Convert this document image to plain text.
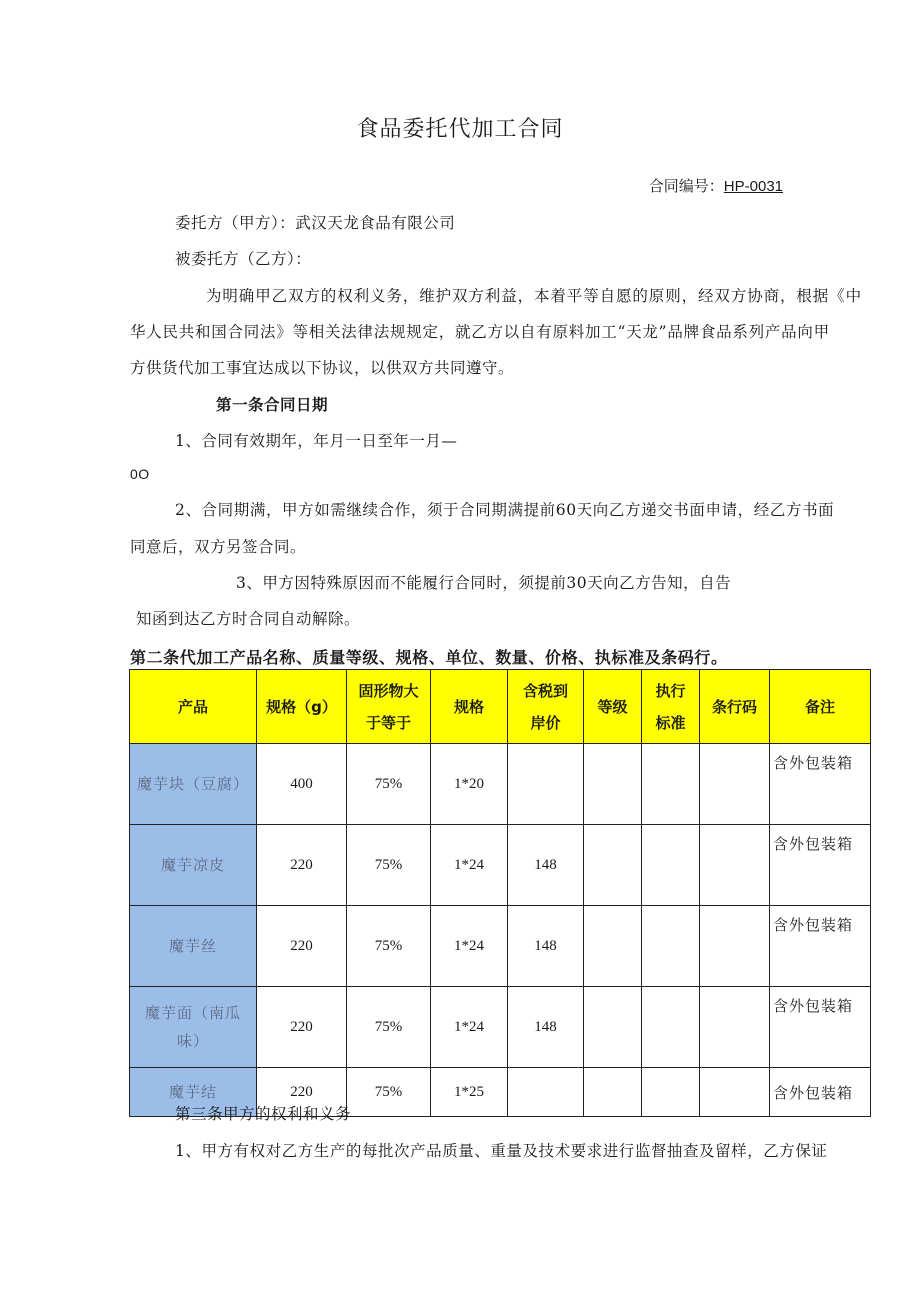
食品委托代加工合同
合同编号：HP-0031
委托方（甲方）：武汉天龙食品有限公司
被委托方（乙方）：
为明确甲乙双方的权利义务，维护双方利益，本着平等自愿的原则，经双方协商，根据《中
华人民共和国合同法》等相关法律法规规定，就乙方以自有原料加工“天龙”品牌食品系列产品向甲
方供货代加工事宜达成以下协议，以供双方共同遵守。
第一条合同日期
1、合同有效期年，年月一日至年一月—
0O
2、合同期满，甲方如需继续合作，须于合同期满提前60天向乙方递交书面申请，经乙方书面
同意后，双方另签合同。
3、甲方因特殊原因而不能履行合同时，须提前30天向乙方告知，自告
知函到达乙方时合同自动解除。
第二条代加工产品名称、质量等级、规格、单位、数量、价格、执标准及条码行。
产品	规格（g）	固形物大于等于	规格	含税到岸价	等级	执行标准	条行码	备注
魔芋块（豆腐）	400	75%	1*20					含外包装箱
魔芋凉皮	220	75%	1*24	148				含外包装箱
魔芋丝	220	75%	1*24	148				含外包装箱
魔芋面（南瓜味）	220	75%	1*24	148				含外包装箱
魔芋结	220	75%	1*25					含外包装箱
第三条甲方的权利和义务
1、甲方有权对乙方生产的每批次产品质量、重量及技术要求进行监督抽查及留样，乙方保证
